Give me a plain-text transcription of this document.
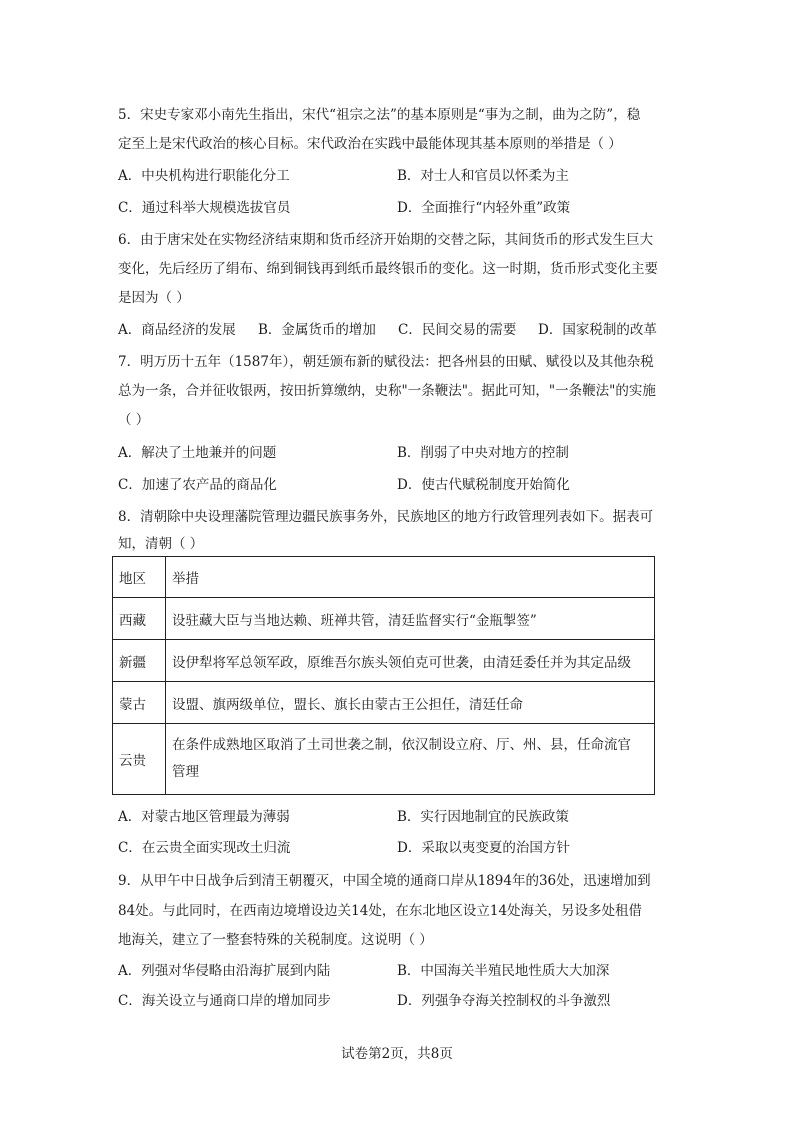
5．宋史专家邓小南先生指出，宋代“祖宗之法”的基本原则是“事为之制，曲为之防”，稳
定至上是宋代政治的核心目标。宋代政治在实践中最能体现其基本原则的举措是（ ）
A．中央机构进行职能化分工	B．对士人和官员以怀柔为主
C．通过科举大规模选拔官员	D．全面推行“内轻外重”政策
6．由于唐宋处在实物经济结束期和货币经济开始期的交替之际，其间货币的形式发生巨大
变化，先后经历了绢布、绵到铜钱再到纸币最终银币的变化。这一时期，货币形式变化主要
是因为（ ）
A．商品经济的发展 B．金属货币的增加 C．民间交易的需要 D．国家税制的改革
7．明万历十五年（1587年），朝廷颁布新的赋役法：把各州县的田赋、赋役以及其他杂税
总为一条，合并征收银两，按田折算缴纳，史称"一条鞭法"。据此可知，"一条鞭法"的实施
（ ）
A．解决了土地兼并的问题	B．削弱了中央对地方的控制
C．加速了农产品的商品化	D．使古代赋税制度开始简化
8．清朝除中央设理藩院管理边疆民族事务外，民族地区的地方行政管理列表如下。据表可
知，清朝（ ）
地区	举措
西藏	设驻藏大臣与当地达赖、班禅共管，清廷监督实行“金瓶掣签”
新疆	设伊犁将军总领军政，原维吾尔族头领伯克可世袭，由清廷委任并为其定品级
蒙古	设盟、旗两级单位，盟长、旗长由蒙古王公担任，清廷任命
云贵	在条件成熟地区取消了土司世袭之制，依汉制设立府、厅、州、县，任命流官
管理
A．对蒙古地区管理最为薄弱	B．实行因地制宜的民族政策
C．在云贵全面实现改土归流	D．采取以夷变夏的治国方针
9．从甲午中日战争后到清王朝覆灭，中国全境的通商口岸从1894年的36处，迅速增加到
84处。与此同时，在西南边境增设边关14处，在东北地区设立14处海关，另设多处租借
地海关，建立了一整套特殊的关税制度。这说明（ ）
A．列强对华侵略由沿海扩展到内陆	B．中国海关半殖民地性质大大加深
C．海关设立与通商口岸的增加同步	D．列强争夺海关控制权的斗争激烈
试卷第2页，共8页
